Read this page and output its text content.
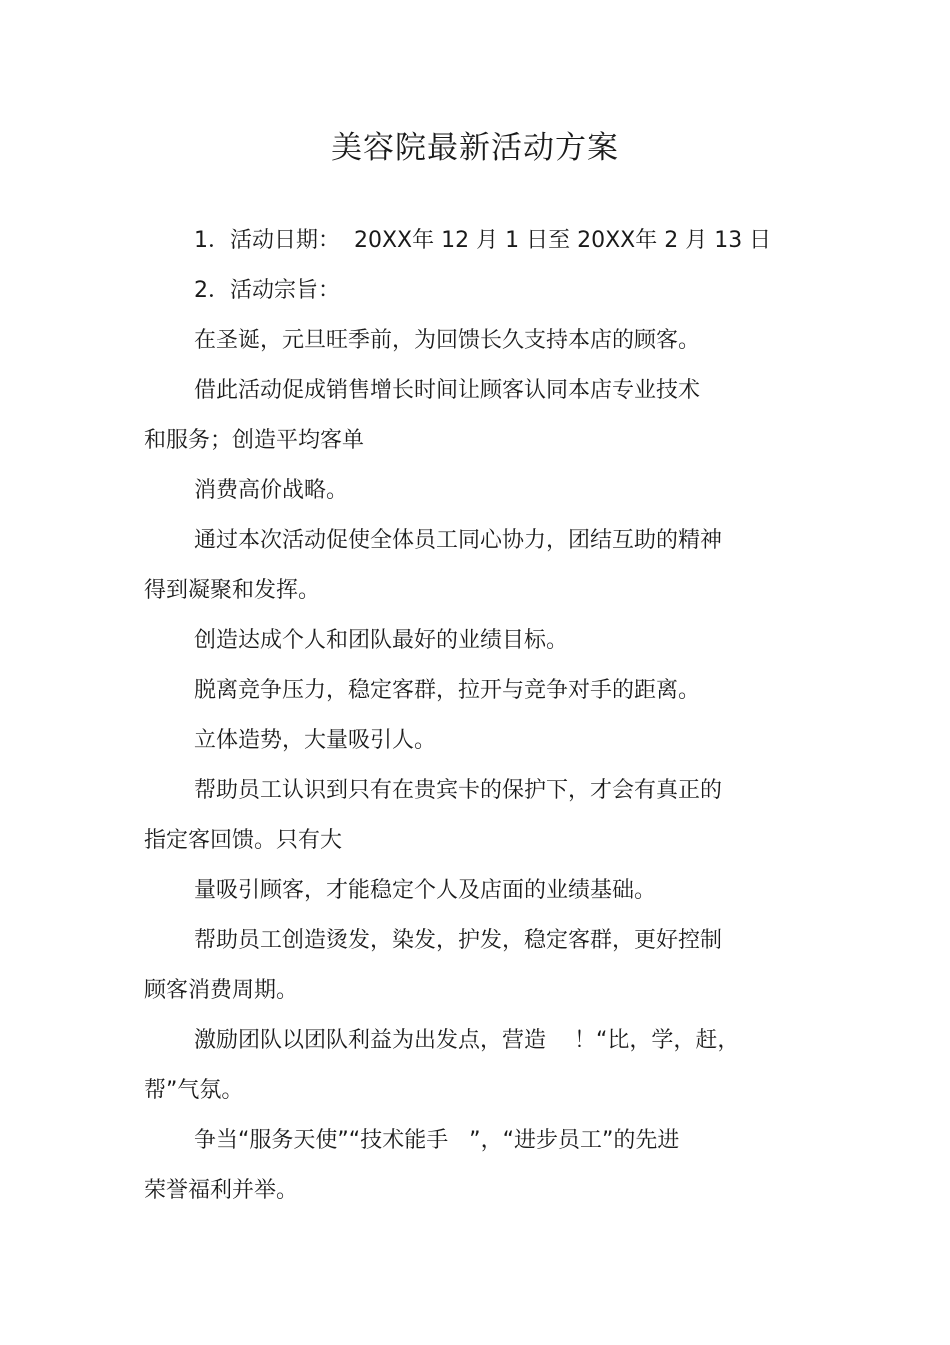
美容院最新活动方案
1．活动日期：  20XX年 12 月 1 日至 20XX年 2 月 13 日
2．活动宗旨：
在圣诞，元旦旺季前，为回馈长久支持本店的顾客。
借此活动促成销售增长时间让顾客认同本店专业技术
和服务；创造平均客单
消费高价战略。
通过本次活动促使全体员工同心协力，团结互助的精神
得到凝聚和发挥。
创造达成个人和团队最好的业绩目标。
脱离竞争压力，稳定客群，拉开与竞争对手的距离。
立体造势，大量吸引人。
帮助员工认识到只有在贵宾卡的保护下，才会有真正的
指定客回馈。只有大
量吸引顾客，才能稳定个人及店面的业绩基础。
帮助员工创造烫发，染发，护发，稳定客群，更好控制
顾客消费周期。
激励团队以团队利益为出发点，营造    ！“比，学，赶，
帮”气氛。
争当“服务天使”“技术能手   ”，“进步员工”的先进
荣誉福利并举。
